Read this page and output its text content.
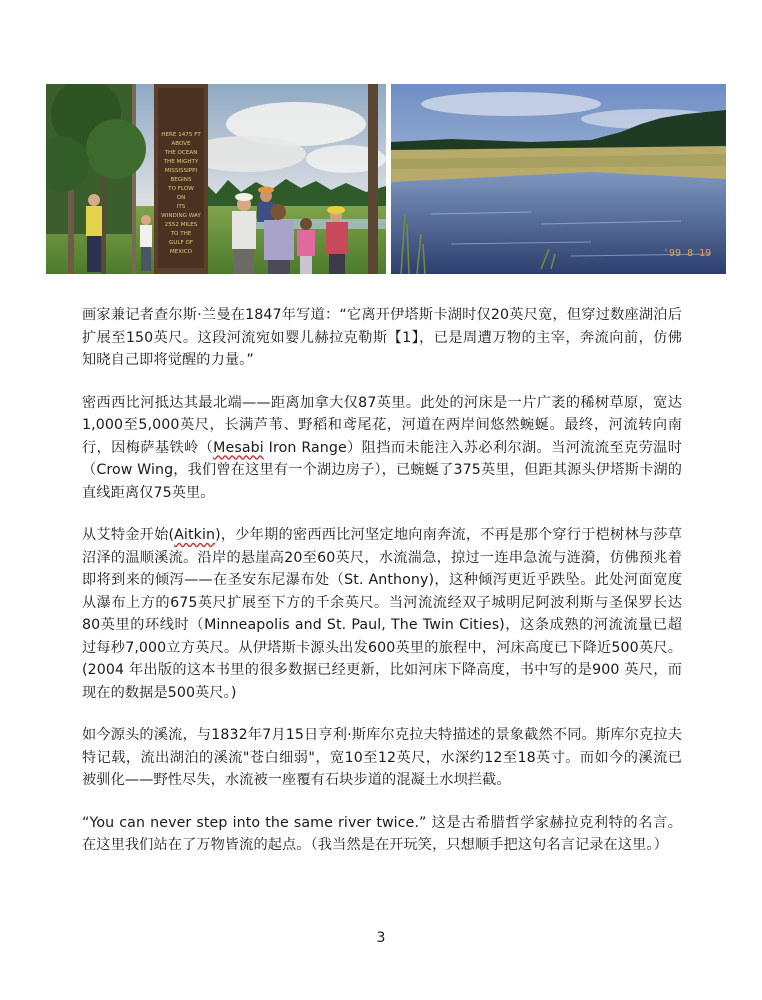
HERE 1475 FT
ABOVE
THE OCEAN
THE MIGHTY
MISSISSIPPI
BEGINS
TO FLOW
ON
ITS
WINDING WAY
2552 MILES
TO THE
GULF OF
MEXICO	'99 8 19

画家兼记者查尔斯·兰曼在1847年写道：“它离开伊塔斯卡湖时仅20英尺宽，但穿过数座湖泊后扩展至150英尺。这段河流宛如婴儿赫拉克勒斯【1】，已是周遭万物的主宰，奔流向前，仿佛知晓自己即将觉醒的力量。”

密西西比河抵达其最北端——距离加拿大仅87英里。此处的河床是一片广袤的稀树草原，宽达1,000至5,000英尺，长满芦苇、野稻和鸢尾花，河道在两岸间悠然蜿蜒。最终，河流转向南行，因梅萨基铁岭（Mesabi Iron Range）阻挡而未能注入苏必利尔湖。当河流流至克劳温时（Crow Wing，我们曾在这里有一个湖边房子），已蜿蜒了375英里，但距其源头伊塔斯卡湖的直线距离仅75英里。

从艾特金开始(Aitkin)，少年期的密西西比河坚定地向南奔流，不再是那个穿行于桤树林与莎草沼泽的温顺溪流。沿岸的悬崖高20至60英尺，水流湍急，掠过一连串急流与涟漪，仿佛预兆着即将到来的倾泻——在圣安东尼瀑布处（St. Anthony)，这种倾泻更近乎跌坠。此处河面宽度从瀑布上方的675英尺扩展至下方的千余英尺。当河流流经双子城明尼阿波利斯与圣保罗长达80英里的环线时（Minneapolis and St. Paul, The Twin Cities)，这条成熟的河流流量已超过每秒7,000立方英尺。从伊塔斯卡源头出发600英里的旅程中，河床高度已下降近500英尺。 (2004 年出版的这本书里的很多数据已经更新，比如河床下降高度，书中写的是900 英尺，而现在的数据是500英尺。)

如今源头的溪流，与1832年7月15日亨利·斯库尔克拉夫特描述的景象截然不同。斯库尔克拉夫特记载，流出湖泊的溪流"苍白细弱"，宽10至12英尺，水深约12至18英寸。而如今的溪流已被驯化——野性尽失，水流被一座覆有石块步道的混凝土水坝拦截。

“You can never step into the same river twice.” 这是古希腊哲学家赫拉克利特的名言。在这里我们站在了万物皆流的起点。（我当然是在开玩笑，只想顺手把这句名言记录在这里。）

3
